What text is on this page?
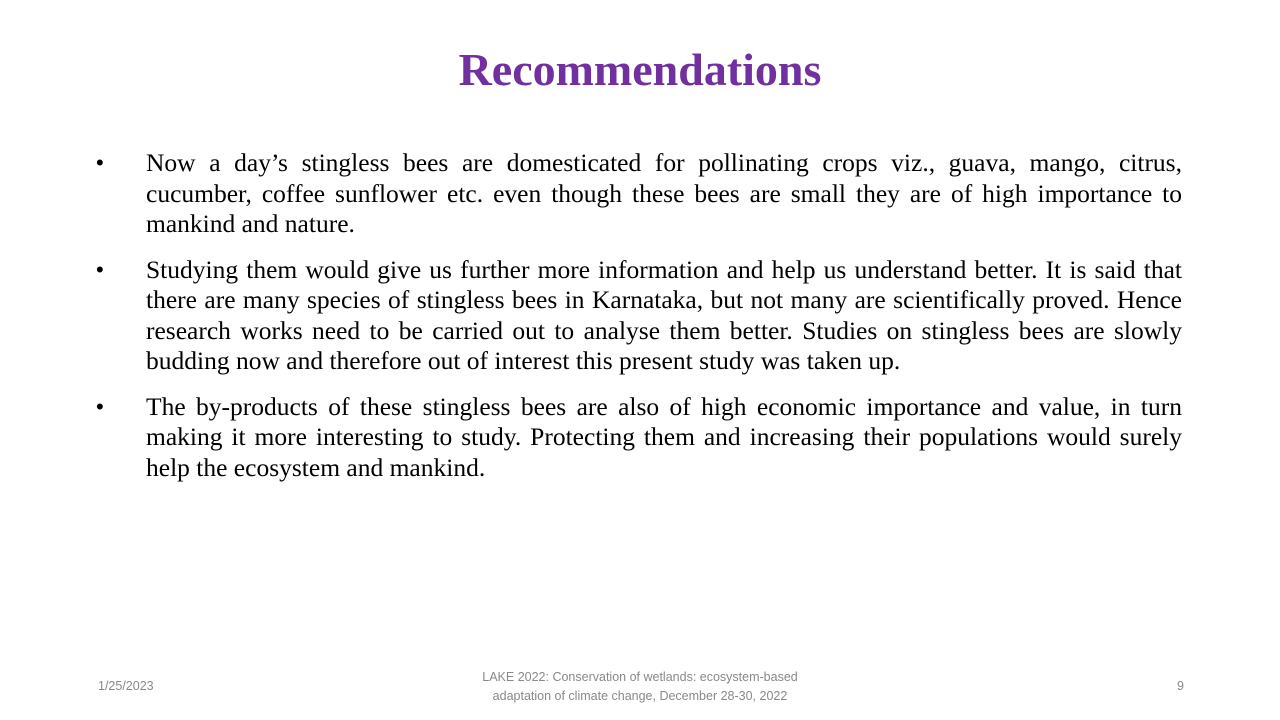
Recommendations
•	Now a day’s stingless bees are domesticated for pollinating crops viz., guava, mango, citrus, cucumber, coffee sunflower etc. even though these bees are small they are of high importance to mankind and nature.
•	Studying them would give us further more information and help us understand better. It is said that there are many species of stingless bees in Karnataka, but not many are scientifically proved. Hence research works need to be carried out to analyse them better. Studies on stingless bees are slowly budding now and therefore out of interest this present study was taken up.
•	The by-products of these stingless bees are also of high economic importance and value, in turn making it more interesting to study. Protecting them and increasing their populations would surely help the ecosystem and mankind.
1/25/2023
LAKE 2022: Conservation of wetlands: ecosystem-based
adaptation of climate change, December 28-30, 2022
9
